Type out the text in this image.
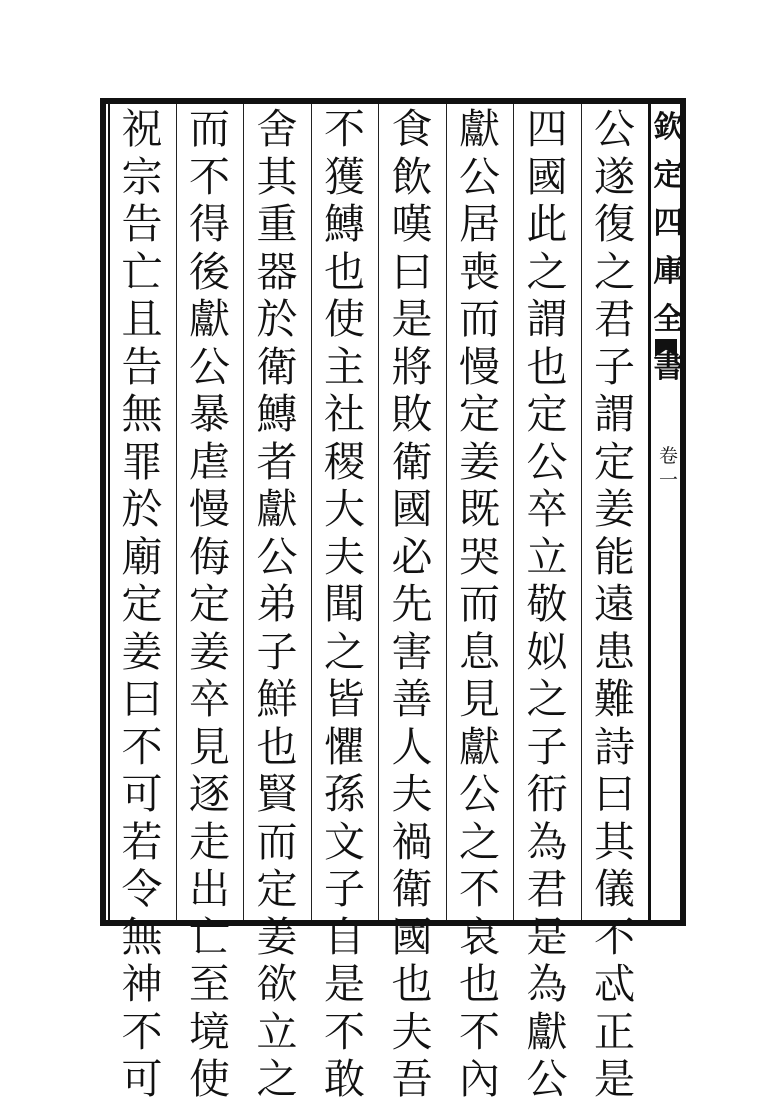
欽
定
四
庫
全
書
卷
一
公
遂
復
之
君
子
謂
定
姜
能
遠
患
難
詩
曰
其
儀
不
忒
正
是
四
國
此
之
謂
也
定
公
卒
立
敬
姒
之
子
衎
為
君
是
為
獻
公
獻
公
居
喪
而
慢
定
姜
既
哭
而
息
見
獻
公
之
不
哀
也
不
內
食
飲
嘆
曰
是
將
敗
衛
國
必
先
害
善
人
夫
禍
衛
國
也
夫
吾
不
獲
鱄
也
使
主
社
稷
大
夫
聞
之
皆
懼
孫
文
子
自
是
不
敢
舍
其
重
器
於
衛
鱄
者
獻
公
弟
子
鮮
也
賢
而
定
姜
欲
立
之
而
不
得
後
獻
公
暴
虐
慢
侮
定
姜
卒
見
逐
走
出
亡
至
境
使
祝
宗
告
亡
且
告
無
罪
於
廟
定
姜
曰
不
可
若
令
無
神
不
可
